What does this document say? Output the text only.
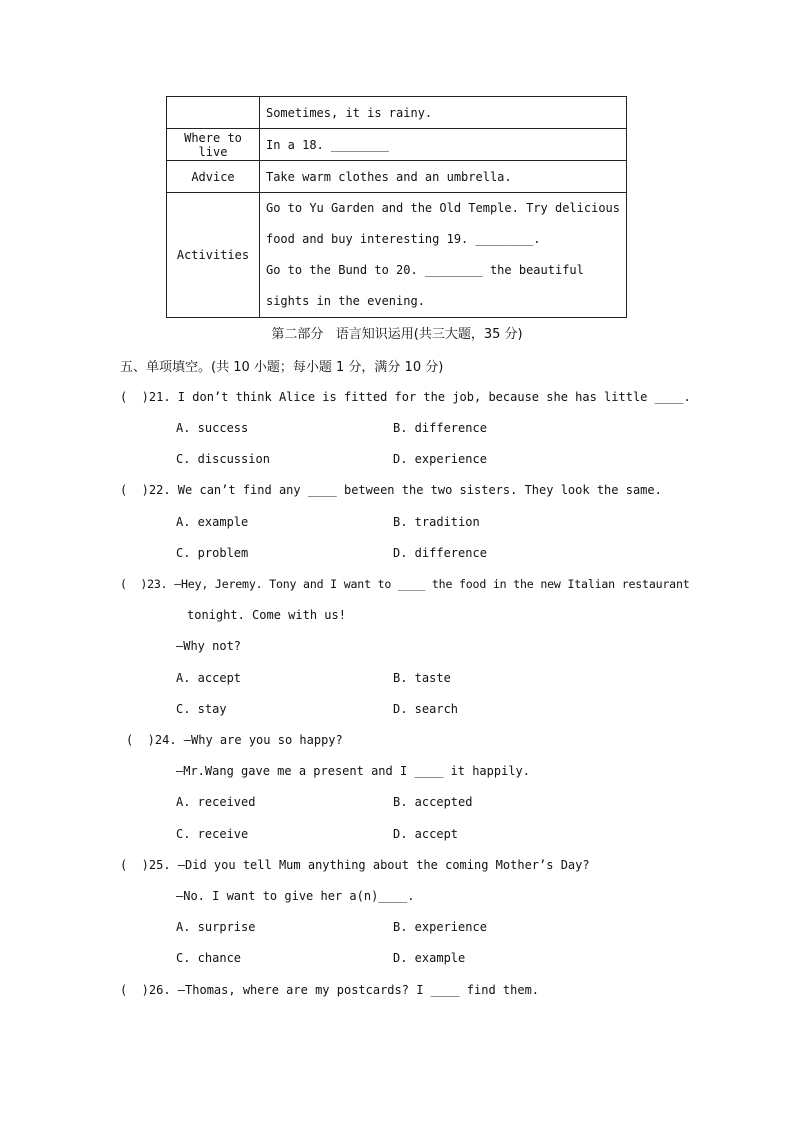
	Sometimes, it is rainy.
Where to live	In a 18. ________
Advice	Take warm clothes and an umbrella.
Activities	Go to Yu Garden and the Old Temple. Try delicious
food and buy interesting 19. ________.
Go to the Bund to 20. ________ the beautiful
sights in the evening.
第二部分   语言知识运用(共三大题，35 分)
五、单项填空。(共 10 小题；每小题 1 分，满分 10 分)
(  )21. I don’t think Alice is fitted for the job, because she has little ____.
A. success	B. difference
C. discussion	D. experience
(  )22. We can’t find any ____ between the two sisters. They look the same.
A. example	B. tradition
C. problem	D. difference
(  )23. —Hey, Jeremy. Tony and I want to ____ the food in the new Italian restaurant
tonight. Come with us!
—Why not?
A. accept	B. taste
C. stay	D. search
(  )24. —Why are you so happy?
—Mr.Wang gave me a present and I ____ it happily.
A. received	B. accepted
C. receive	D. accept
(  )25. —Did you tell Mum anything about the coming Mother’s Day?
—No. I want to give her a(n)____.
A. surprise	B. experience
C. chance	D. example
(  )26. —Thomas, where are my postcards? I ____ find them.
